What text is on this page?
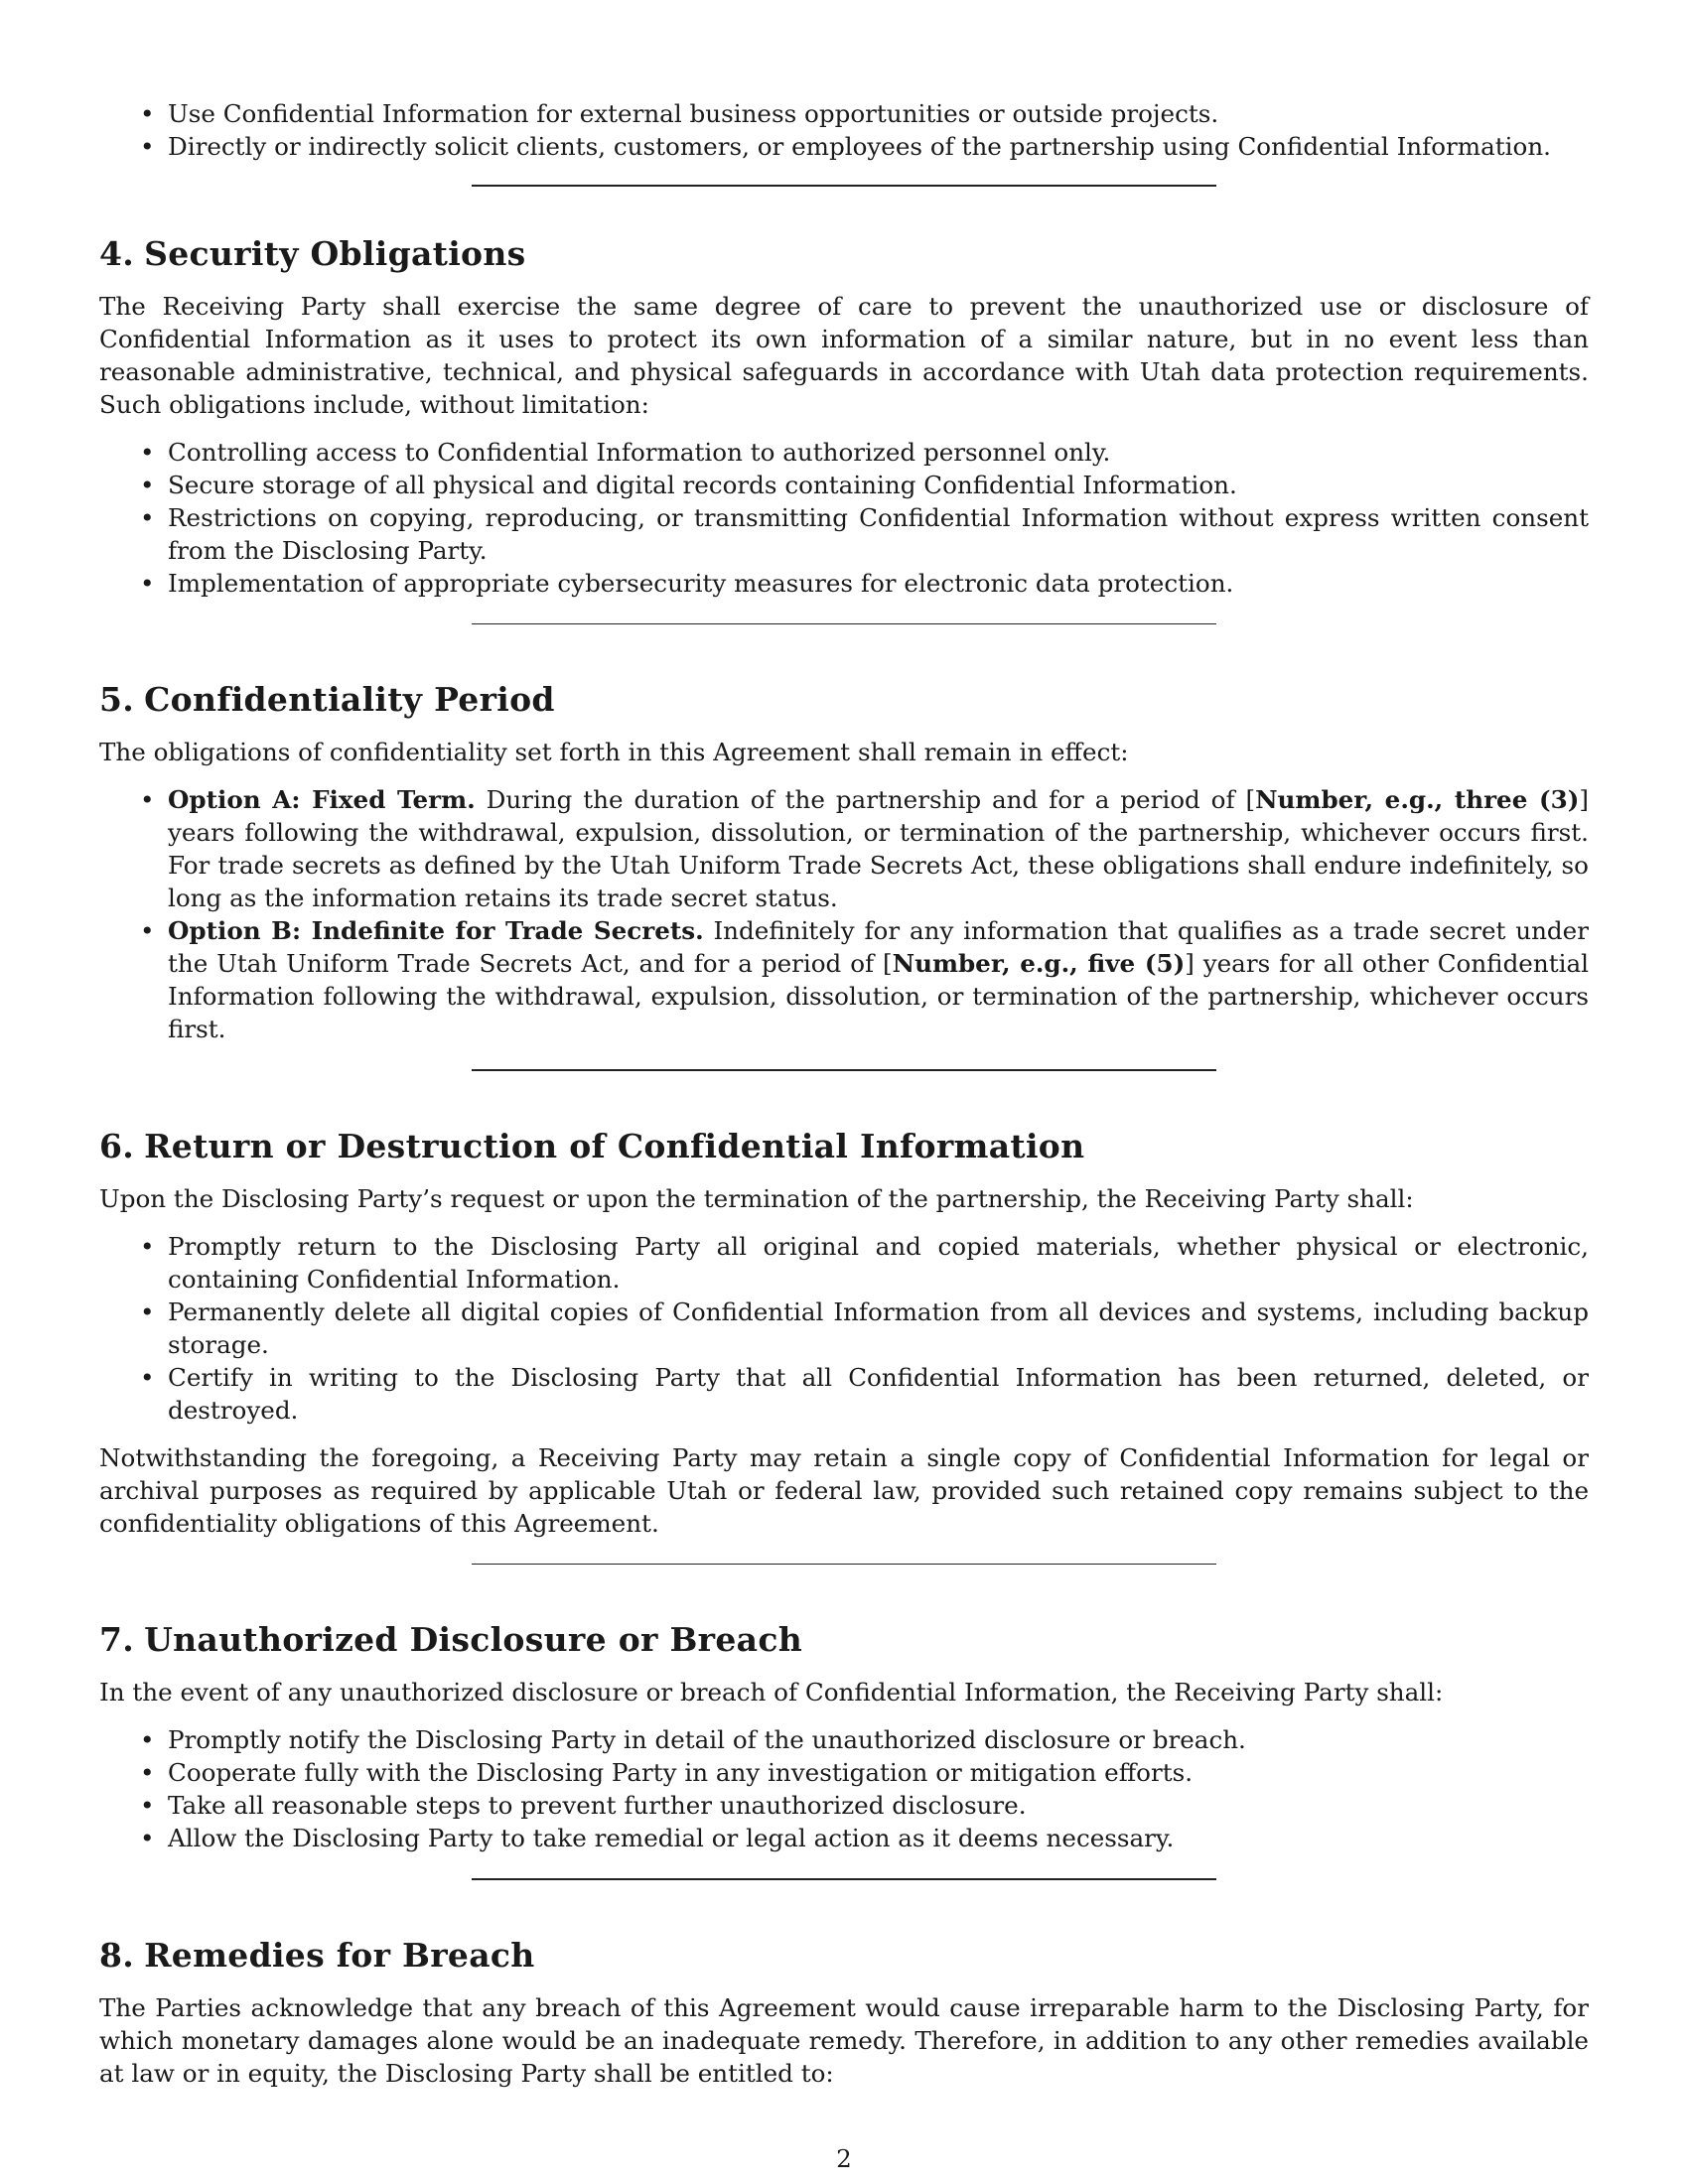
• Use Confidential Information for external business opportunities or outside projects.
• Directly or indirectly solicit clients, customers, or employees of the partnership using Confidential Information.
4. Security Obligations

The Receiving Party shall exercise the same degree of care to prevent the unauthorized use or disclosure of Confidential Information as it uses to protect its own information of a similar nature, but in no event less than reasonable administrative, technical, and physical safeguards in accordance with Utah data protection requirements. Such obligations include, without limitation:

• Controlling access to Confidential Information to authorized personnel only.
• Secure storage of all physical and digital records containing Confidential Information.
• Restrictions on copying, reproducing, or transmitting Confidential Information without express written consent from the Disclosing Party.
• Implementation of appropriate cybersecurity measures for electronic data protection.
5. Confidentiality Period

The obligations of confidentiality set forth in this Agreement shall remain in effect:

• Option A: Fixed Term. During the duration of the partnership and for a period of [Number, e.g., three (3)] years following the withdrawal, expulsion, dissolution, or termination of the partnership, whichever occurs first. For trade secrets as defined by the Utah Uniform Trade Secrets Act, these obligations shall endure indefinitely, so long as the information retains its trade secret status.
• Option B: Indefinite for Trade Secrets. Indefinitely for any information that qualifies as a trade secret under the Utah Uniform Trade Secrets Act, and for a period of [Number, e.g., five (5)] years for all other Confidential Information following the withdrawal, expulsion, dissolution, or termination of the partnership, whichever occurs first.
6. Return or Destruction of Confidential Information

Upon the Disclosing Party’s request or upon the termination of the partnership, the Receiving Party shall:

• Promptly return to the Disclosing Party all original and copied materials, whether physical or electronic, containing Confidential Information.
• Permanently delete all digital copies of Confidential Information from all devices and systems, including backup storage.
• Certify in writing to the Disclosing Party that all Confidential Information has been returned, deleted, or destroyed.

Notwithstanding the foregoing, a Receiving Party may retain a single copy of Confidential Information for legal or archival purposes as required by applicable Utah or federal law, provided such retained copy remains subject to the confidentiality obligations of this Agreement.

7. Unauthorized Disclosure or Breach

In the event of any unauthorized disclosure or breach of Confidential Information, the Receiving Party shall:

• Promptly notify the Disclosing Party in detail of the unauthorized disclosure or breach.
• Cooperate fully with the Disclosing Party in any investigation or mitigation efforts.
• Take all reasonable steps to prevent further unauthorized disclosure.
• Allow the Disclosing Party to take remedial or legal action as it deems necessary.
8. Remedies for Breach

The Parties acknowledge that any breach of this Agreement would cause irreparable harm to the Disclosing Party, for which monetary damages alone would be an inadequate remedy. Therefore, in addition to any other remedies available at law or in equity, the Disclosing Party shall be entitled to:

2
